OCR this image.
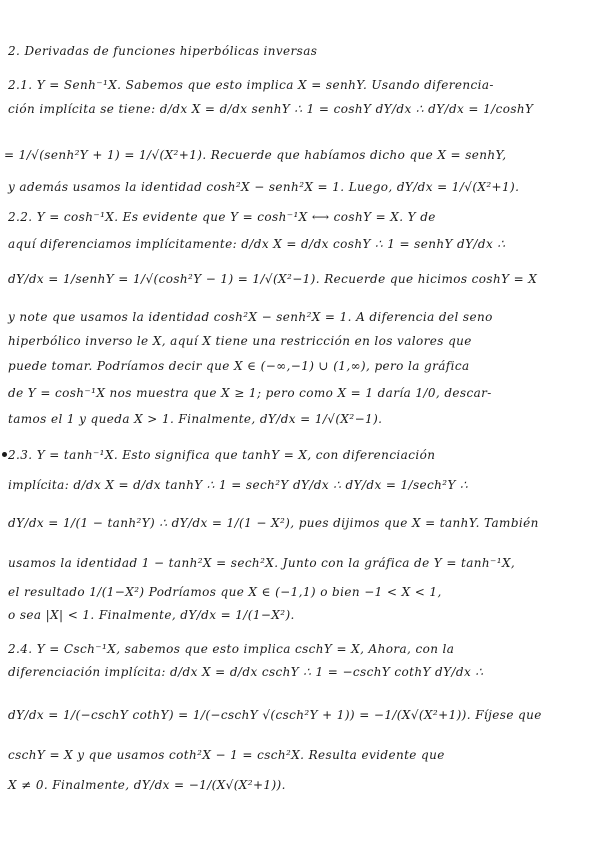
2. Derivadas de funciones hiperbólicas inversas
2.1. Y = Senh⁻¹X. Sabemos que esto implica X = senhY. Usando diferencia-
ción implícita se tiene: d/dx X = d/dx senhY ∴ 1 = coshY dY/dx ∴ dY/dx = 1/coshY
= 1/√(senh²Y + 1) = 1/√(X²+1). Recuerde que habíamos dicho que X = senhY,
y además usamos la identidad cosh²X − senh²X = 1. Luego, dY/dx = 1/√(X²+1).
2.2. Y = cosh⁻¹X. Es evidente que Y = cosh⁻¹X ⟷ coshY = X. Y de
aquí diferenciamos implícitamente: d/dx X = d/dx coshY ∴ 1 = senhY dY/dx ∴
dY/dx = 1/senhY = 1/√(cosh²Y − 1) = 1/√(X²−1). Recuerde que hicimos coshY = X
y note que usamos la identidad cosh²X − senh²X = 1. A diferencia del seno
hiperbólico inverso le X, aquí X tiene una restricción en los valores que
puede tomar. Podríamos decir que X ∈ (−∞,−1) ∪ (1,∞), pero la gráfica
de Y = cosh⁻¹X nos muestra que X ≥ 1; pero como X = 1 daría 1/0, descar-
tamos el 1 y queda X > 1. Finalmente, dY/dx = 1/√(X²−1).
2.3. Y = tanh⁻¹X. Esto significa que tanhY = X, con diferenciación
implícita: d/dx X = d/dx tanhY ∴ 1 = sech²Y dY/dx ∴ dY/dx = 1/sech²Y ∴
dY/dx = 1/(1 − tanh²Y) ∴ dY/dx = 1/(1 − X²), pues dijimos que X = tanhY. También
usamos la identidad 1 − tanh²X = sech²X. Junto con la gráfica de Y = tanh⁻¹X,
el resultado 1/(1−X²) Podríamos que X ∈ (−1,1) o bien −1 < X < 1,
o sea |X| < 1. Finalmente, dY/dx = 1/(1−X²).
2.4. Y = Csch⁻¹X, sabemos que esto implica cschY = X, Ahora, con la
diferenciación implícita: d/dx X = d/dx cschY ∴ 1 = −cschY cothY dY/dx ∴
dY/dx = 1/(−cschY cothY) = 1/(−cschY √(csch²Y + 1)) = −1/(X√(X²+1)). Fíjese que
cschY = X y que usamos coth²X − 1 = csch²X. Resulta evidente que
X ≠ 0. Finalmente, dY/dx = −1/(X√(X²+1)).
